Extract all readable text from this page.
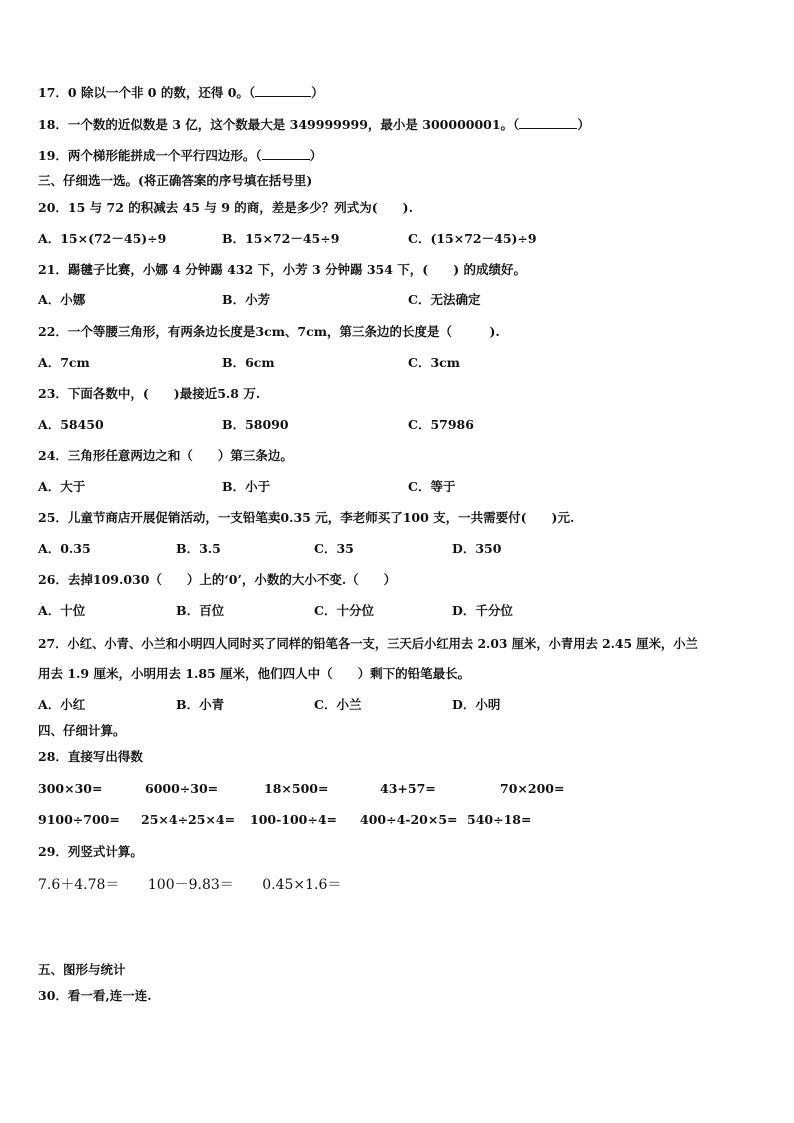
17．0 除以一个非 0 的数，还得 0。（	）
18．一个数的近似数是 3 亿，这个数最大是 349999999，最小是 300000001。（	）
19．两个梯形能拼成一个平行四边形。（	）
三、仔细选一选。(将正确答案的序号填在括号里)
20．15 与 72 的积减去 45 与 9 的商，差是多少？列式为(　　).
A．15×(72－45)÷9	B．15×72－45÷9	C．(15×72－45)÷9
21．踢毽子比赛，小娜 4 分钟踢 432 下，小芳 3 分钟踢 354 下，(　　) 的成绩好。
A．小娜	B．小芳	C．无法确定
22．一个等腰三角形，有两条边长度是3cm、7cm，第三条边的长度是（　　　).
A．7cm	B．6cm	C．3cm
23．下面各数中，(　　)最接近5.8 万.
A．58450	B．58090	C．57986
24．三角形任意两边之和（　　）第三条边。
A．大于	B．小于	C．等于
25．儿童节商店开展促销活动，一支铅笔卖0.35 元，李老师买了100 支，一共需要付(　　)元.
A．0.35	B．3.5	C．35	D．350
26．去掉109.030（　　）上的‘0’，小数的大小不变.（　　）
A．十位	B．百位	C．十分位	D．千分位
27．小红、小青、小兰和小明四人同时买了同样的铅笔各一支，三天后小红用去 2.03 厘米，小青用去 2.45 厘米，小兰
用去 1.9 厘米，小明用去 1.85 厘米，他们四人中（　　）剩下的铅笔最长。
A．小红	B．小青	C．小兰	D．小明
四、仔细计算。
28．直接写出得数
300×30=	6000÷30=	18×500=	43+57=	70×200=
9100÷700= 25×4÷25×4= 100-100÷4= 400÷4-20×5= 540÷18=
29．列竖式计算。
7.6＋4.78＝ 100－9.83＝ 0.45×1.6＝
五、图形与统计
30．看一看,连一连.
